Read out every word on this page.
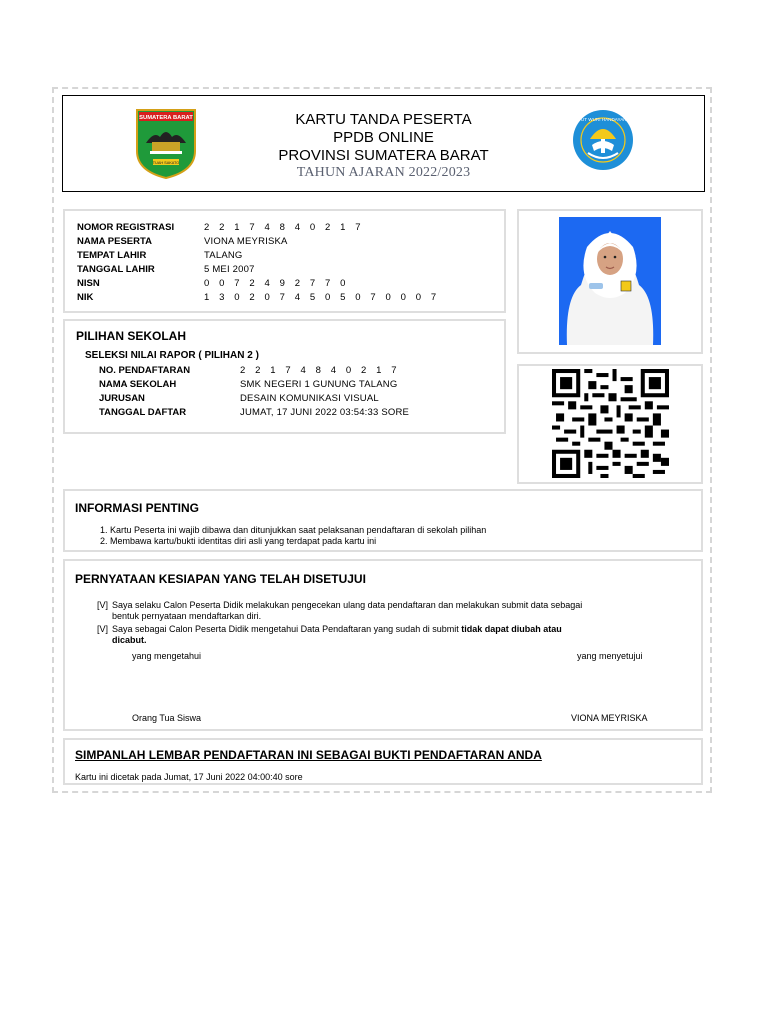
SUMATERA BARAT
TUAH SAKATO
KARTU TANDA PESERTA
PPDB ONLINE
PROVINSI SUMATERA BARAT
TAHUN AJARAN 2022/2023
TUT WURI HANDAYANI
NOMOR REGISTRASI	2 2 1 7 4 8 4 0 2 1 7
NAMA PESERTA	VIONA MEYRISKA
TEMPAT LAHIR	TALANG
TANGGAL LAHIR	5 MEI 2007
NISN	0 0 7 2 4 9 2 7 7 0
NIK	1 3 0 2 0 7 4 5 0 5 0 7 0 0 0 7
PILIHAN SEKOLAH
SELEKSI NILAI RAPOR ( PILIHAN 2 )
NO. PENDAFTARAN	2 2 1 7 4 8 4 0 2 1 7
NAMA SEKOLAH	SMK NEGERI 1 GUNUNG TALANG
JURUSAN	DESAIN KOMUNIKASI VISUAL
TANGGAL DAFTAR	JUMAT, 17 JUNI 2022 03:54:33 SORE
INFORMASI PENTING
1. Kartu Peserta ini wajib dibawa dan ditunjukkan saat pelaksanan pendaftaran di sekolah pilihan
2. Membawa kartu/bukti identitas diri asli yang terdapat pada kartu ini
PERNYATAAN KESIAPAN YANG TELAH DISETUJUI
[V] Saya selaku Calon Peserta Didik melakukan pengecekan ulang data pendaftaran dan melakukan submit data sebagai
bentuk pernyataan mendaftarkan diri.
[V] Saya sebagai Calon Peserta Didik mengetahui Data Pendaftaran yang sudah di submit tidak dapat diubah atau
dicabut.
yang mengetahui	yang menyetujui
Orang Tua Siswa	VIONA MEYRISKA
SIMPANLAH LEMBAR PENDAFTARAN INI SEBAGAI BUKTI PENDAFTARAN ANDA
Kartu ini dicetak pada Jumat, 17 Juni 2022 04:00:40 sore
